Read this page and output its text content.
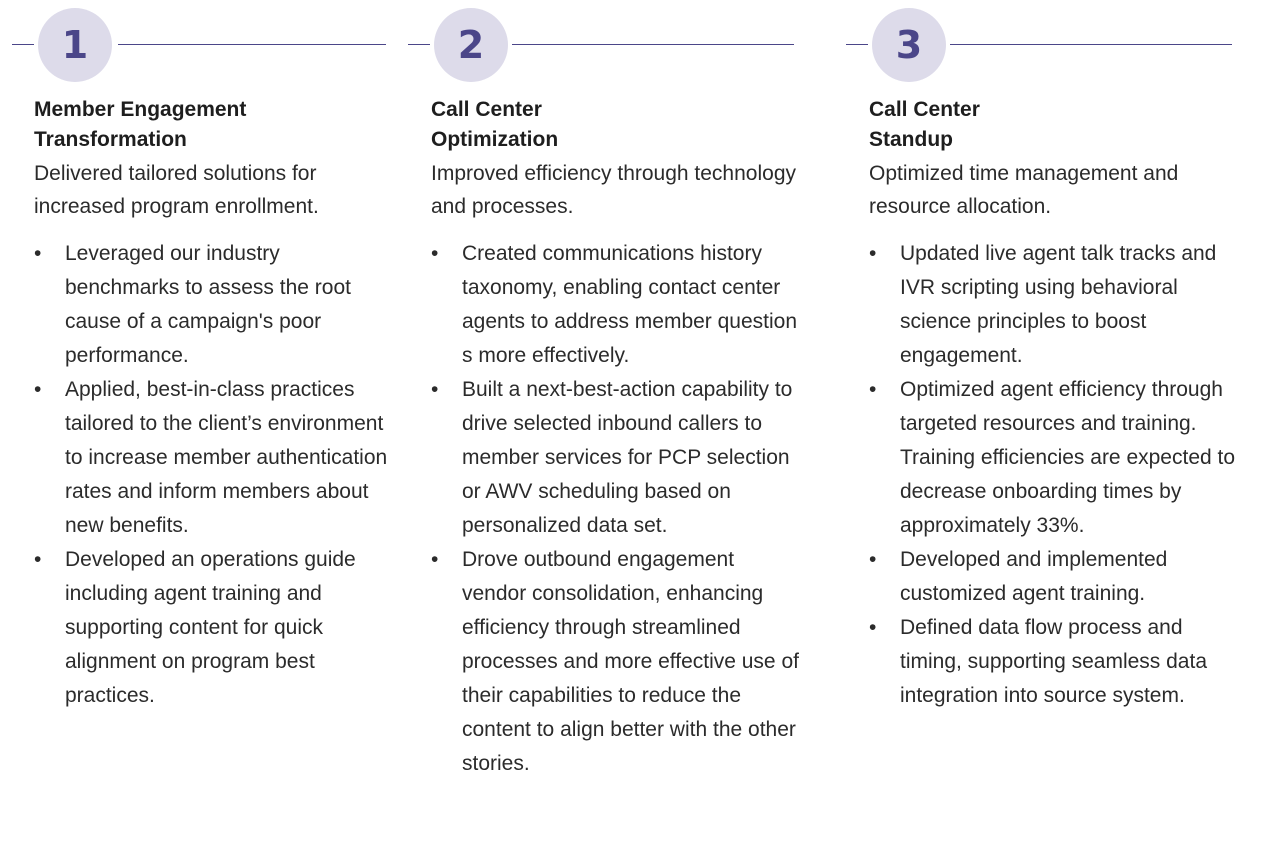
1
Member Engagement
Transformation
Delivered tailored solutions for increased program enrollment.
• Leveraged our industry benchmarks to assess the root cause of a campaign's poor performance.
• Applied, best-in-class practices tailored to the client’s environment to increase member authentication rates and inform members about new benefits.
• Developed an operations guide including agent training and supporting content for quick alignment on program best practices.
2
Call Center
Optimization
Improved efficiency through technology and processes.
• Created communications history taxonomy, enabling contact center agents to address member question s more effectively.
• Built a next-best-action capability to drive selected inbound callers to member services for PCP selection or AWV scheduling based on personalized data set.
• Drove outbound engagement vendor consolidation, enhancing efficiency through streamlined processes and more effective use of their capabilities to reduce the content to align better with the other stories.
3
Call Center
Standup
Optimized time management and resource allocation.
• Updated live agent talk tracks and IVR scripting using behavioral science principles to boost engagement.
• Optimized agent efficiency through targeted resources and training. Training efficiencies are expected to decrease onboarding times by approximately 33%.
• Developed and implemented customized agent training.
• Defined data flow process and timing, supporting seamless data integration into source system.
